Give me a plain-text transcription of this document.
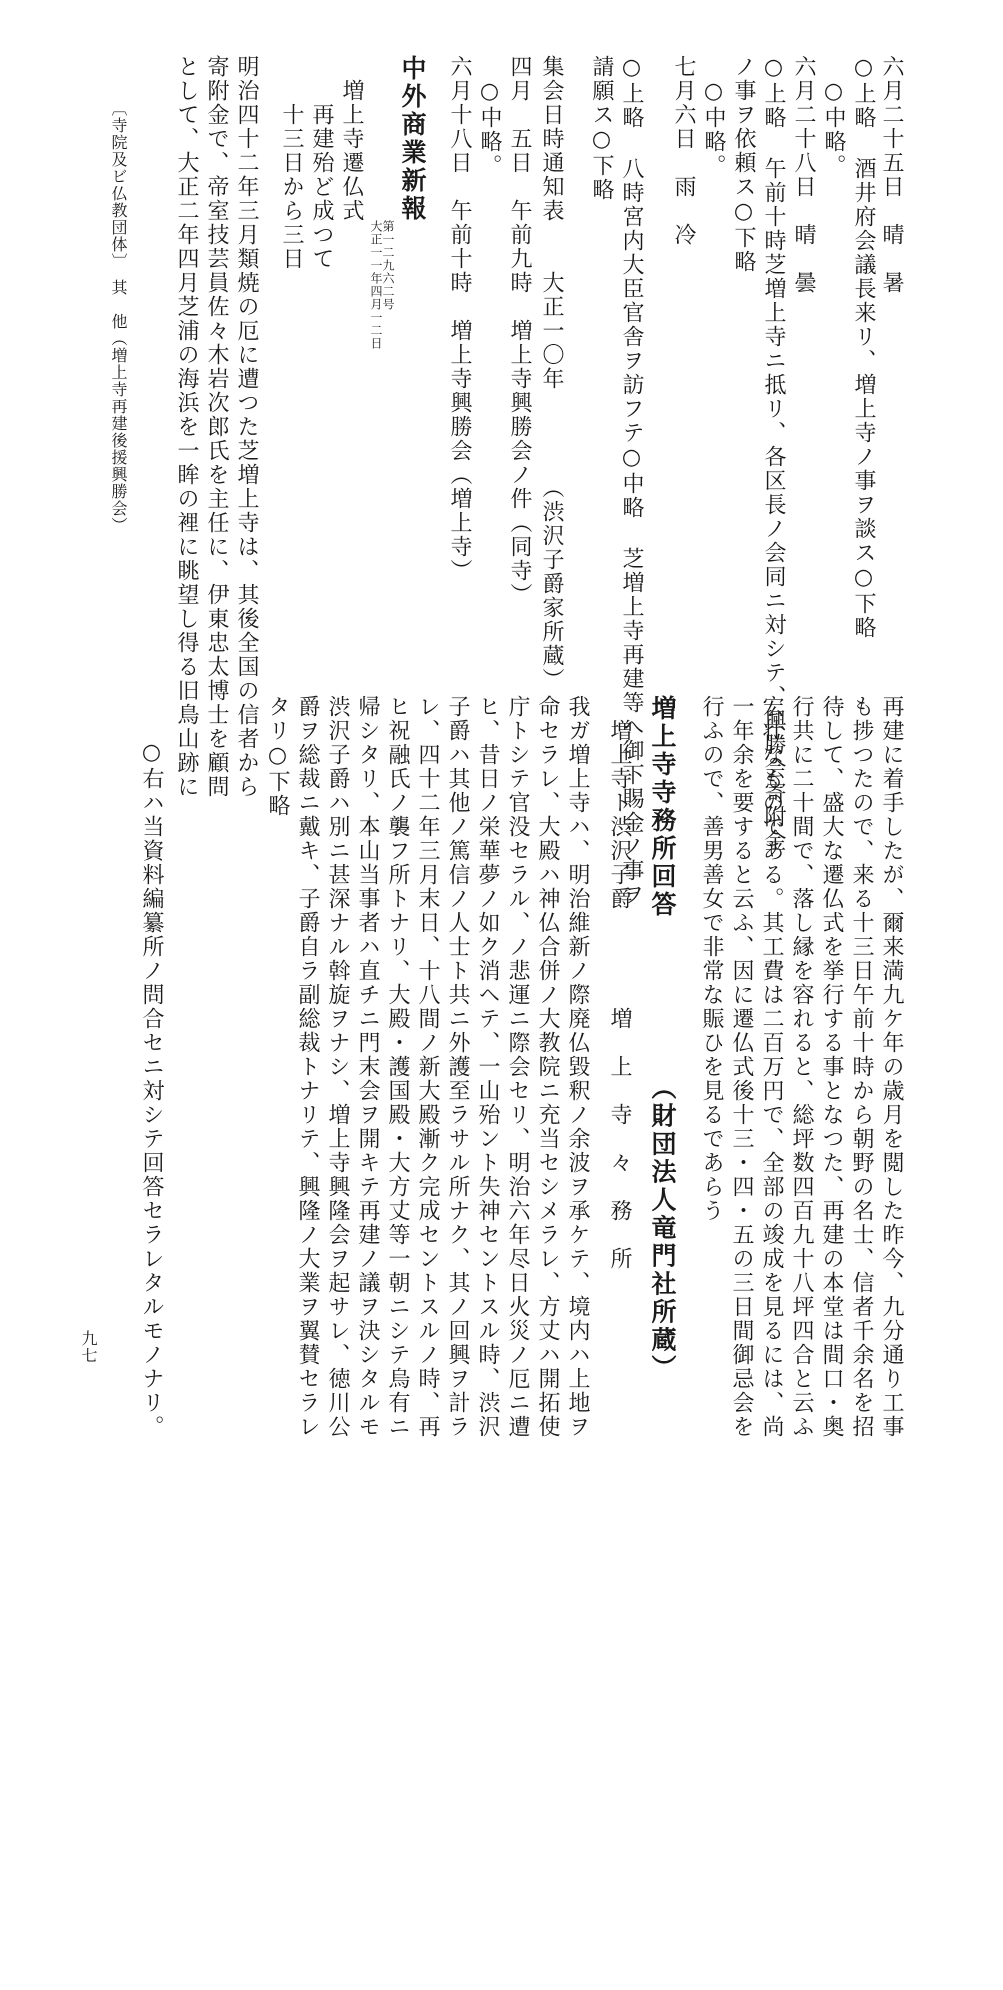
六月二十五日　晴　暑
○上略 酒井府会議長来リ、増上寺ノ事ヲ談ス○下略
　○中略。
六月二十八日　晴　曇
○上略 午前十時芝増上寺ニ抵リ、各区長ノ会同ニ対シテ、興勝会寄附金
ノ事ヲ依頼ス○下略
　○中略。
七月六日　雨　冷
○上略 八時宮内大臣官舎ヲ訪フテ○中略 芝増上寺再建等へ御下賜金ノ事ヲ
請願ス○下略
集会日時通知表　　大正一〇年　　　　（渋沢子爵家所蔵）
四月　五日　午前九時　増上寺興勝会ノ件（同寺）
　○中略。
六月十八日　午前十時　増上寺興勝会（増上寺）
中外商業新報
第一二九六二号
大正一一年四月一二日
　増上寺遷仏式
　　再建殆ど成つて
　　十三日から三日
明治四十二年三月類焼の厄に遭つた芝増上寺は、其後全国の信者から
寄附金で、帝室技芸員佐々木岩次郎氏を主任に、伊東忠太博士を顧問
として、大正二年四月芝浦の海浜を一眸の裡に眺望し得る旧鳥山跡に
〔寺院及ビ仏教団体〕　其　他（増上寺再建後援興勝会）
再建に着手したが、爾来満九ケ年の歳月を閲した昨今、九分通り工事
も捗つたので、来る十三日午前十時から朝野の名士、信者千余名を招
待して、盛大な遷仏式を挙行する事となつた、再建の本堂は間口・奥
行共に二十間で、落し縁を容れると、総坪数四百九十八坪四合と云ふ
宏壮なものである。其工費は二百万円で、全部の竣成を見るには、尚
一年余を要すると云ふ、因に遷仏式後十三・四・五の三日間御忌会を
行ふので、善男善女で非常な賑ひを見るであらう
増上寺寺務所回答　　　　　　（財団法人竜門社所蔵）
　増上寺ト渋沢子爵　　　　増　上　寺　々　務　所
我ガ増上寺ハ、明治維新ノ際廃仏毀釈ノ余波ヲ承ケテ、境内ハ上地ヲ
命セラレ、大殿ハ神仏合併ノ大教院ニ充当セシメラレ、方丈ハ開拓使
庁トシテ官没セラル、ノ悲運ニ際会セリ、明治六年尽日火災ノ厄ニ遭
ヒ、昔日ノ栄華夢ノ如ク消ヘテ、一山殆ント失神セントスル時、渋沢
子爵ハ其他ノ篤信ノ人士ト共ニ外護至ラサル所ナク、其ノ回興ヲ計ラ
レ、四十二年三月末日、十八間ノ新大殿漸ク完成セントスルノ時、再
ヒ祝融氏ノ襲フ所トナリ、大殿・護国殿・大方丈等一朝ニシテ烏有ニ
帰シタリ、本山当事者ハ直チニ門末会ヲ開キテ再建ノ議ヲ決シタルモ
渋沢子爵ハ別ニ甚深ナル斡旋ヲナシ、増上寺興隆会ヲ起サレ、徳川公
爵ヲ総裁ニ戴キ、子爵自ラ副総裁トナリテ、興隆ノ大業ヲ翼賛セラレ
タリ○下略
○右ハ当資料編纂所ノ問合セニ対シテ回答セラレタルモノナリ。
九七
